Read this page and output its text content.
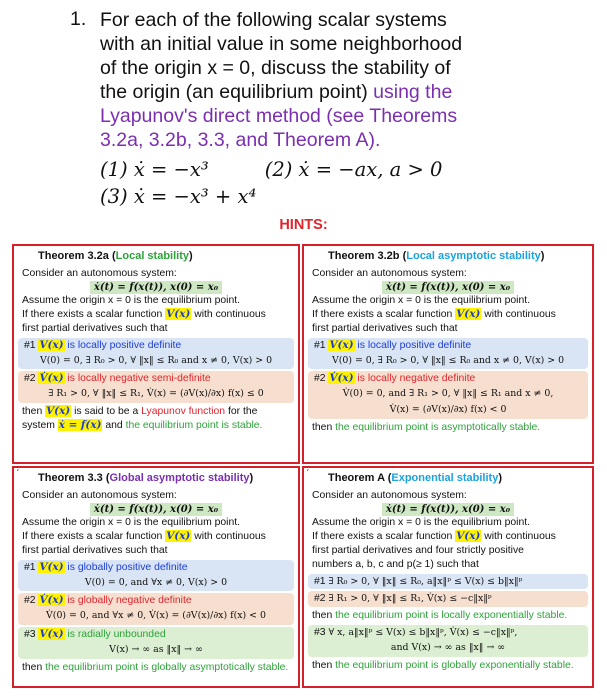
1. For each of the following scalar systems
with an initial value in some neighborhood
of the origin x = 0, discuss the stability of
the origin (an equilibrium point) using the
Lyapunov's direct method (see Theorems
3.2a, 3.2b, 3.3, and Theorem A).
(1) ẋ = −x³	(2) ẋ = −ax, a > 0
(3) ẋ = −x³ + x⁴
HINTS:
Theorem 3.2a (Local stability)
Consider an autonomous system:
ẋ(t) = f(x(t)), x(0) = x₀
Assume the origin x = 0 is the equilibrium point.
If there exists a scalar function V(x) with continuous
first partial derivatives such that
#1 V(x) is locally positive definite
V(0) = 0, ∃ R₀ > 0, ∀ ‖x‖ ≤ R₀ and x ≠ 0, V(x) > 0
#2 V̇(x) is locally negative semi-definite
∃ R₁ > 0, ∀ ‖x‖ ≤ R₁, V̇(x) = (∂V(x)/∂x) f(x) ≤ 0
then V(x) is said to be a Lyapunov function for the
system ẋ = f(x) and the equilibrium point is stable.
Theorem 3.2b (Local asymptotic stability)
Consider an autonomous system:
ẋ(t) = f(x(t)), x(0) = x₀
Assume the origin x = 0 is the equilibrium point.
If there exists a scalar function V(x) with continuous
first partial derivatives such that
#1 V(x) is locally positive definite
V(0) = 0, ∃ R₀ > 0, ∀ ‖x‖ ≤ R₀ and x ≠ 0, V(x) > 0
#2 V̇(x) is locally negative definite
V̇(0) = 0, and ∃ R₁ > 0, ∀ ‖x‖ ≤ R₁ and x ≠ 0,
V̇(x) = (∂V(x)/∂x) f(x) < 0
then the equilibrium point is asymptotically stable.
ˊ Theorem 3.3 (Global asymptotic stability)
Consider an autonomous system:
ẋ(t) = f(x(t)), x(0) = x₀
Assume the origin x = 0 is the equilibrium point.
If there exists a scalar function V(x) with continuous
first partial derivatives such that
#1 V(x) is globally positive definite
V(0) = 0, and ∀x ≠ 0, V(x) > 0
#2 V̇(x) is globally negative definite
V̇(0) = 0, and ∀x ≠ 0, V̇(x) = (∂V(x)/∂x) f(x) < 0
#3 V(x) is radially unbounded
V(x) → ∞ as ‖x‖ → ∞
then the equilibrium point is globally asymptotically stable.
ˊ Theorem A (Exponential stability)
Consider an autonomous system:
ẋ(t) = f(x(t)), x(0) = x₀
Assume the origin x = 0 is the equilibrium point.
If there exists a scalar function V(x) with continuous
first partial derivatives and four strictly positive
numbers a, b, c and p(≥ 1) such that
#1 ∃ R₀ > 0, ∀ ‖x‖ ≤ R₀, a‖x‖ᵖ ≤ V(x) ≤ b‖x‖ᵖ
#2 ∃ R₁ > 0, ∀ ‖x‖ ≤ R₁, V̇(x) ≤ −c‖x‖ᵖ
then the equilibrium point is locally exponentially stable.
#3 ∀ x, a‖x‖ᵖ ≤ V(x) ≤ b‖x‖ᵖ, V̇(x) ≤ −c‖x‖ᵖ,
and V(x) → ∞ as ‖x‖ → ∞
then the equilibrium point is globally exponentially stable.
